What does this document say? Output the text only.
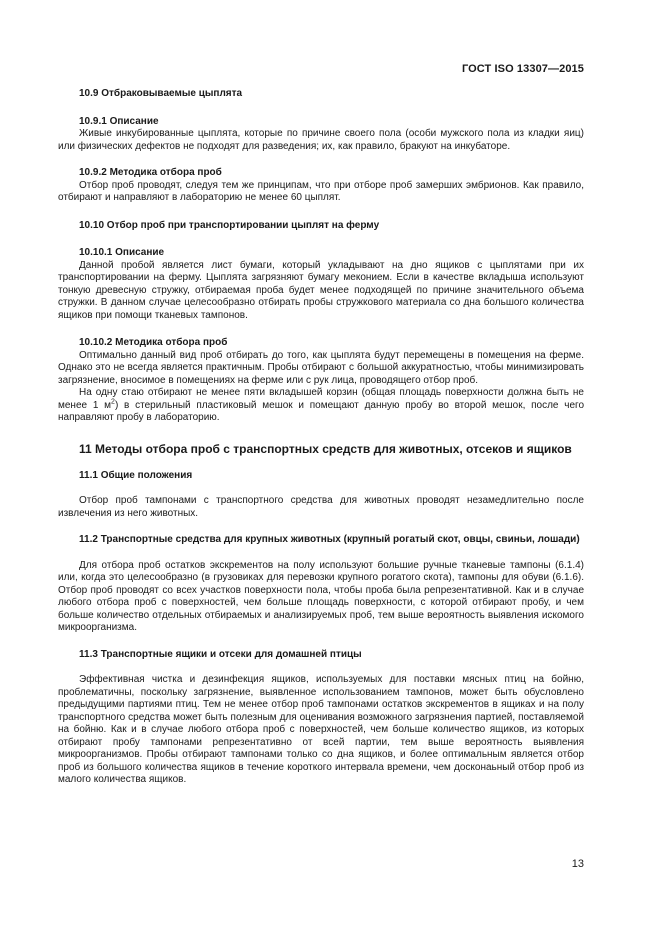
ГОСТ ISO 13307—2015
10.9 Отбраковываемые цыплята
10.9.1 Описание

Живые инкубированные цыплята, которые по причине своего пола (особи мужского пола из кладки яиц) или физических дефектов не подходят для разведения; их, как правило, бракуют на инкубаторе.

10.9.2 Методика отбора проб

Отбор проб проводят, следуя тем же принципам, что при отборе проб замерших эмбрионов. Как правило, отбирают и направляют в лабораторию не менее 60 цыплят.

10.10 Отбор проб при транспортировании цыплят на ферму
10.10.1 Описание

Данной пробой является лист бумаги, который укладывают на дно ящиков с цыплятами при их транспортировании на ферму. Цыплята загрязняют бумагу меконием. Если в качестве вкладыша используют тонкую древесную стружку, отбираемая проба будет менее подходящей по причине значительного объема стружки. В данном случае целесообразно отбирать пробы стружкового материала со дна большого количества ящиков при помощи тканевых тампонов.

10.10.2 Методика отбора проб

Оптимально данный вид проб отбирать до того, как цыплята будут перемещены в помещения на ферме. Однако это не всегда является практичным. Пробы отбирают с большой аккуратностью, чтобы минимизировать загрязнение, вносимое в помещениях на ферме или с рук лица, проводящего отбор проб.

На одну стаю отбирают не менее пяти вкладышей корзин (общая площадь поверхности должна быть не менее 1 $м^2$) в стерильный пластиковый мешок и помещают данную пробу во второй мешок, после чего направляют пробу в лабораторию.

11 Методы отбора проб с транспортных средств для животных, отсеков и ящиков
11.1 Общие положения

Отбор проб тампонами с транспортного средства для животных проводят незамедлительно после извлечения из него животных.

11.2 Транспортные средства для крупных животных (крупный рогатый скот, овцы, свиньи, лошади)

Для отбора проб остатков экскрементов на полу используют большие ручные тканевые тампоны (6.1.4) или, когда это целесообразно (в грузовиках для перевозки крупного рогатого скота), тампоны для обуви (6.1.6). Отбор проб проводят со всех участков поверхности пола, чтобы проба была репрезентативной. Как и в случае любого отбора проб с поверхностей, чем больше площадь поверхности, с которой отбирают пробу, и чем больше количество отдельных отбираемых и анализируемых проб, тем выше вероятность выявления искомого микроорганизма.

11.3 Транспортные ящики и отсеки для домашней птицы

Эффективная чистка и дезинфекция ящиков, используемых для поставки мясных птиц на бойню, проблематичны, поскольку загрязнение, выявленное использованием тампонов, может быть обусловлено предыдущими партиями птиц. Тем не менее отбор проб тампонами остатков экскрементов в ящиках и на полу транспортного средства может быть полезным для оценивания возможного загрязнения партией, поставляемой на бойню. Как и в случае любого отбора проб с поверхностей, чем больше количество ящиков, из которых отбирают пробу тампонами репрезентативно от всей партии, тем выше вероятность выявления микроорганизмов. Пробы отбирают тампонами только со дна ящиков, и более оптимальным является отбор проб из большого количества ящиков в течение короткого интервала времени, чем досконаьный отбор проб из малого количества ящиков.

13
